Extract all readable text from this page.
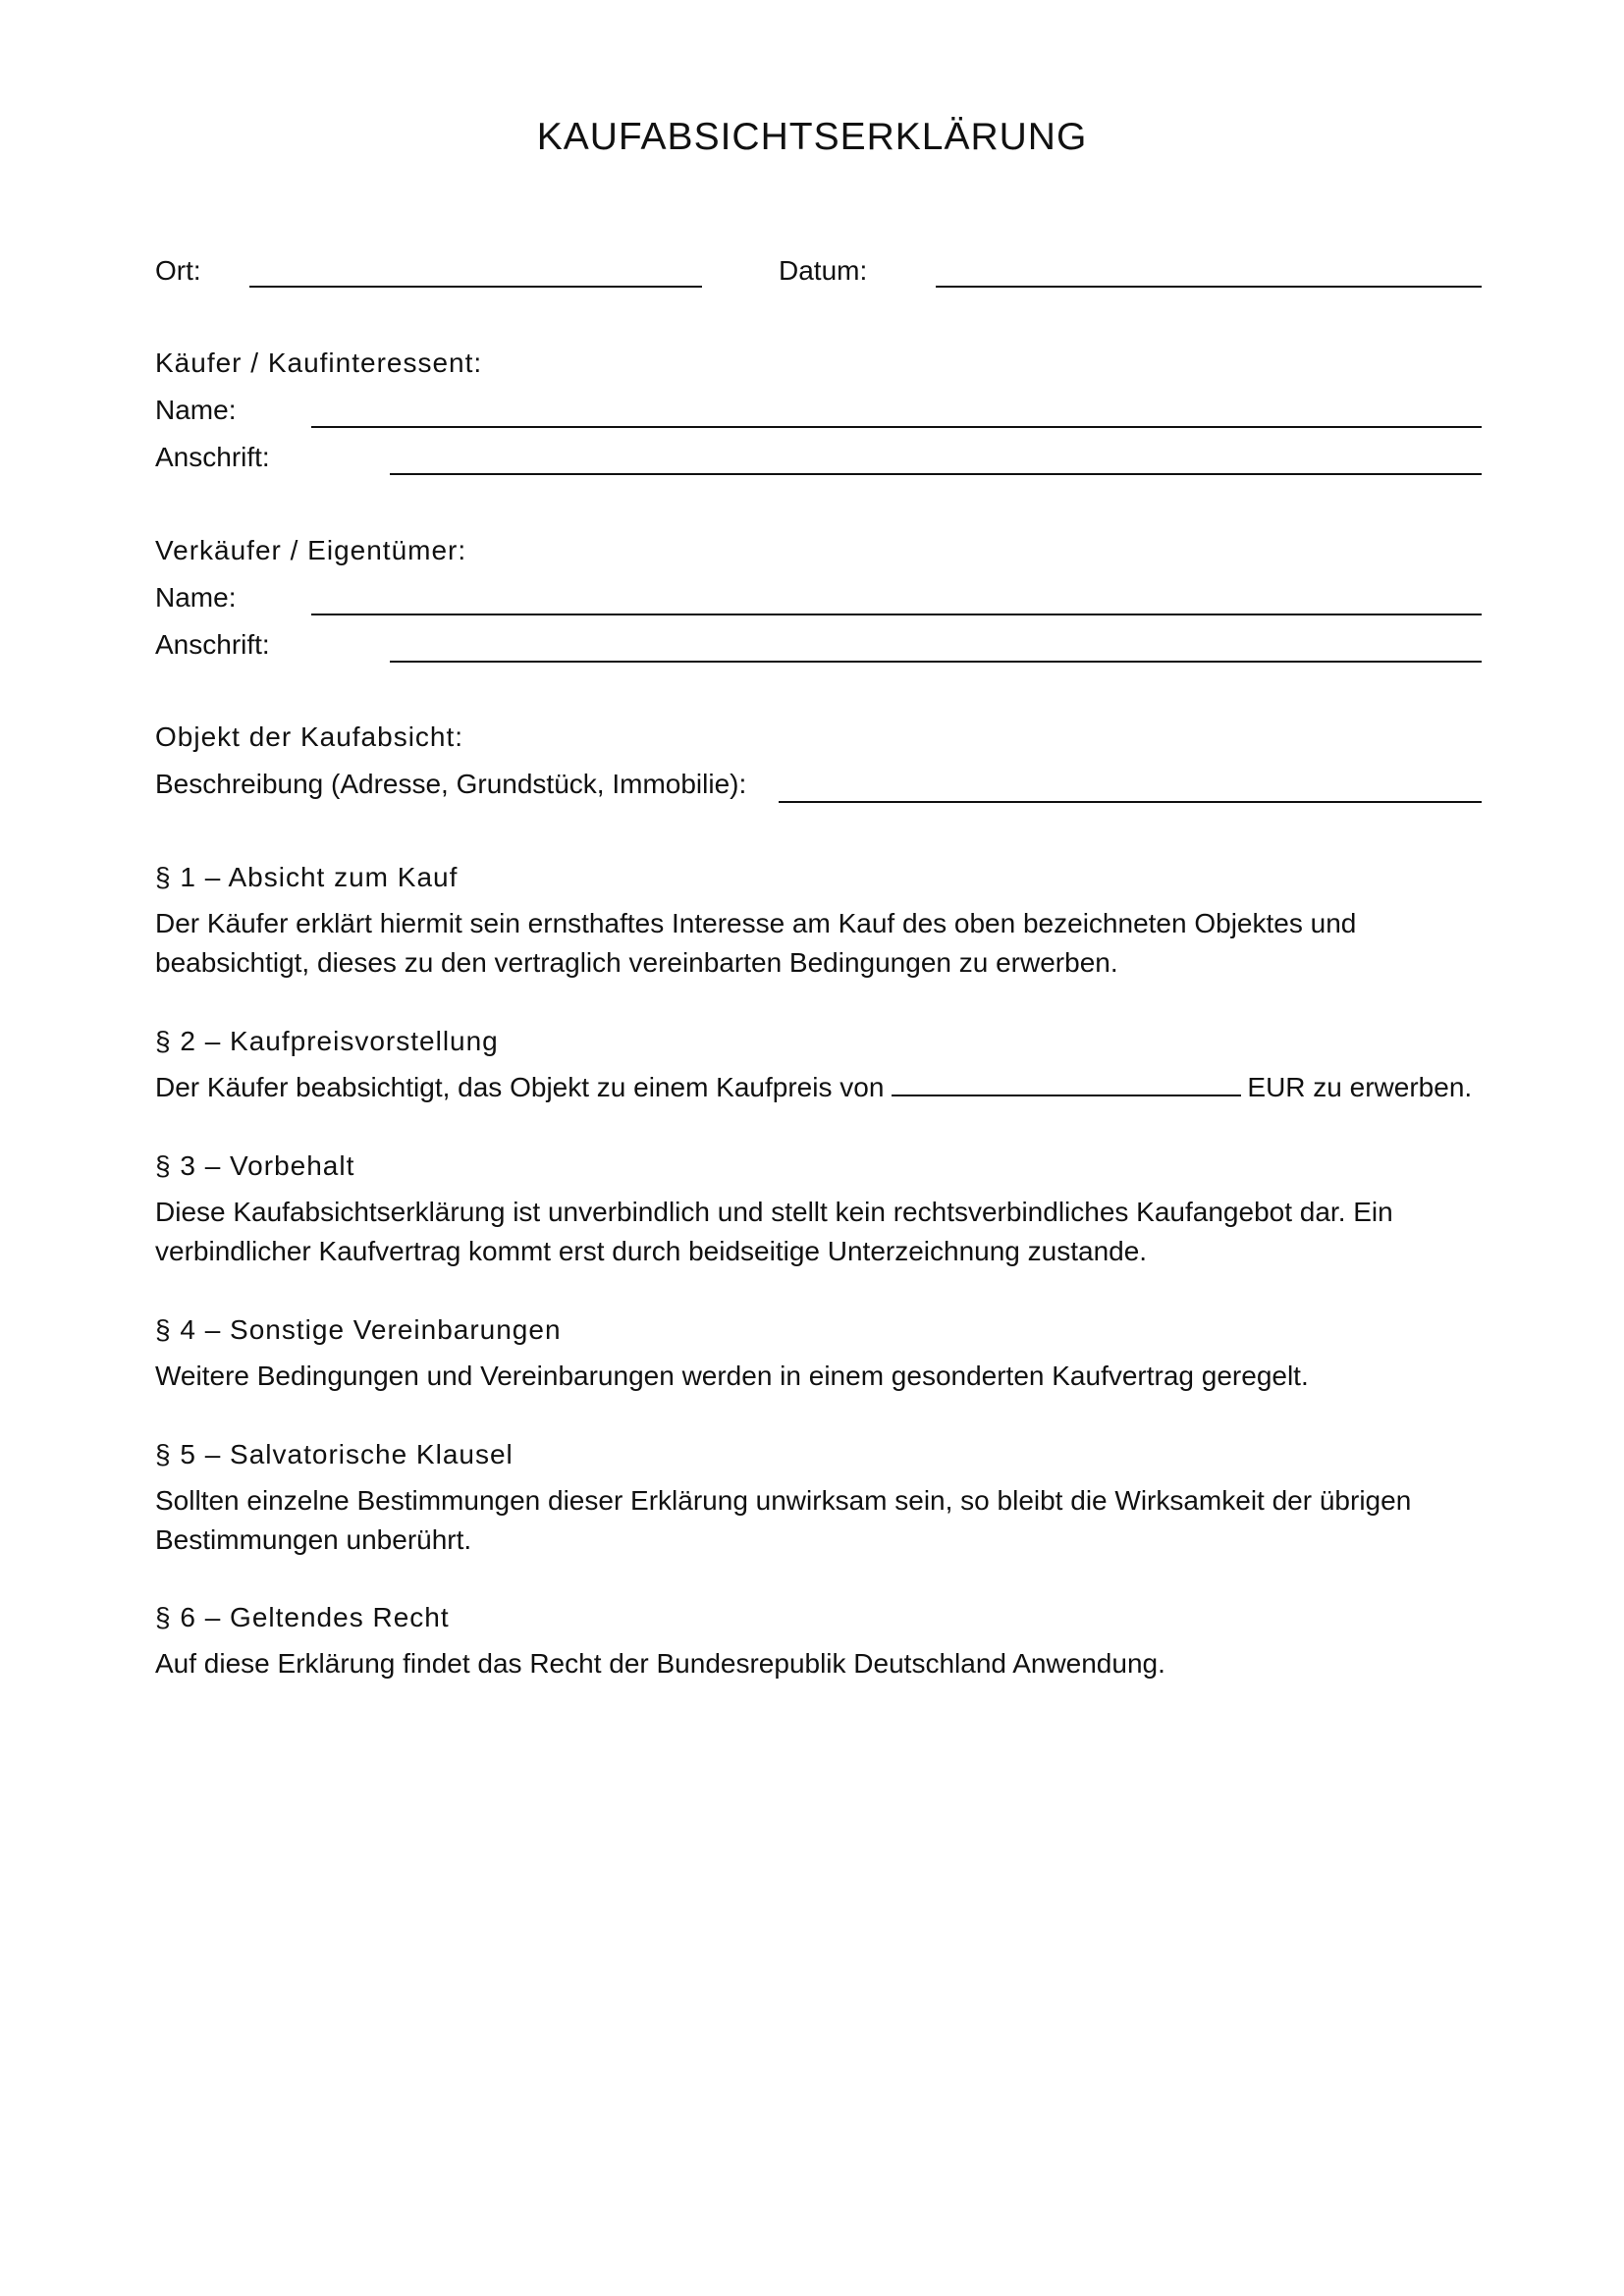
KAUFABSICHTSERKLÄRUNG
Ort:	Datum:
Käufer / Kaufinteressent:
Name:
Anschrift:
Verkäufer / Eigentümer:
Name:
Anschrift:
Objekt der Kaufabsicht:
Beschreibung (Adresse, Grundstück, Immobilie):
§ 1 – Absicht zum Kauf
Der Käufer erklärt hiermit sein ernsthaftes Interesse am Kauf des oben bezeichneten Objektes und
beabsichtigt, dieses zu den vertraglich vereinbarten Bedingungen zu erwerben.
§ 2 – Kaufpreisvorstellung
Der Käufer beabsichtigt, das Objekt zu einem Kaufpreis von	EUR zu erwerben.
§ 3 – Vorbehalt
Diese Kaufabsichtserklärung ist unverbindlich und stellt kein rechtsverbindliches Kaufangebot dar. Ein
verbindlicher Kaufvertrag kommt erst durch beidseitige Unterzeichnung zustande.
§ 4 – Sonstige Vereinbarungen
Weitere Bedingungen und Vereinbarungen werden in einem gesonderten Kaufvertrag geregelt.
§ 5 – Salvatorische Klausel
Sollten einzelne Bestimmungen dieser Erklärung unwirksam sein, so bleibt die Wirksamkeit der übrigen
Bestimmungen unberührt.
§ 6 – Geltendes Recht
Auf diese Erklärung findet das Recht der Bundesrepublik Deutschland Anwendung.
